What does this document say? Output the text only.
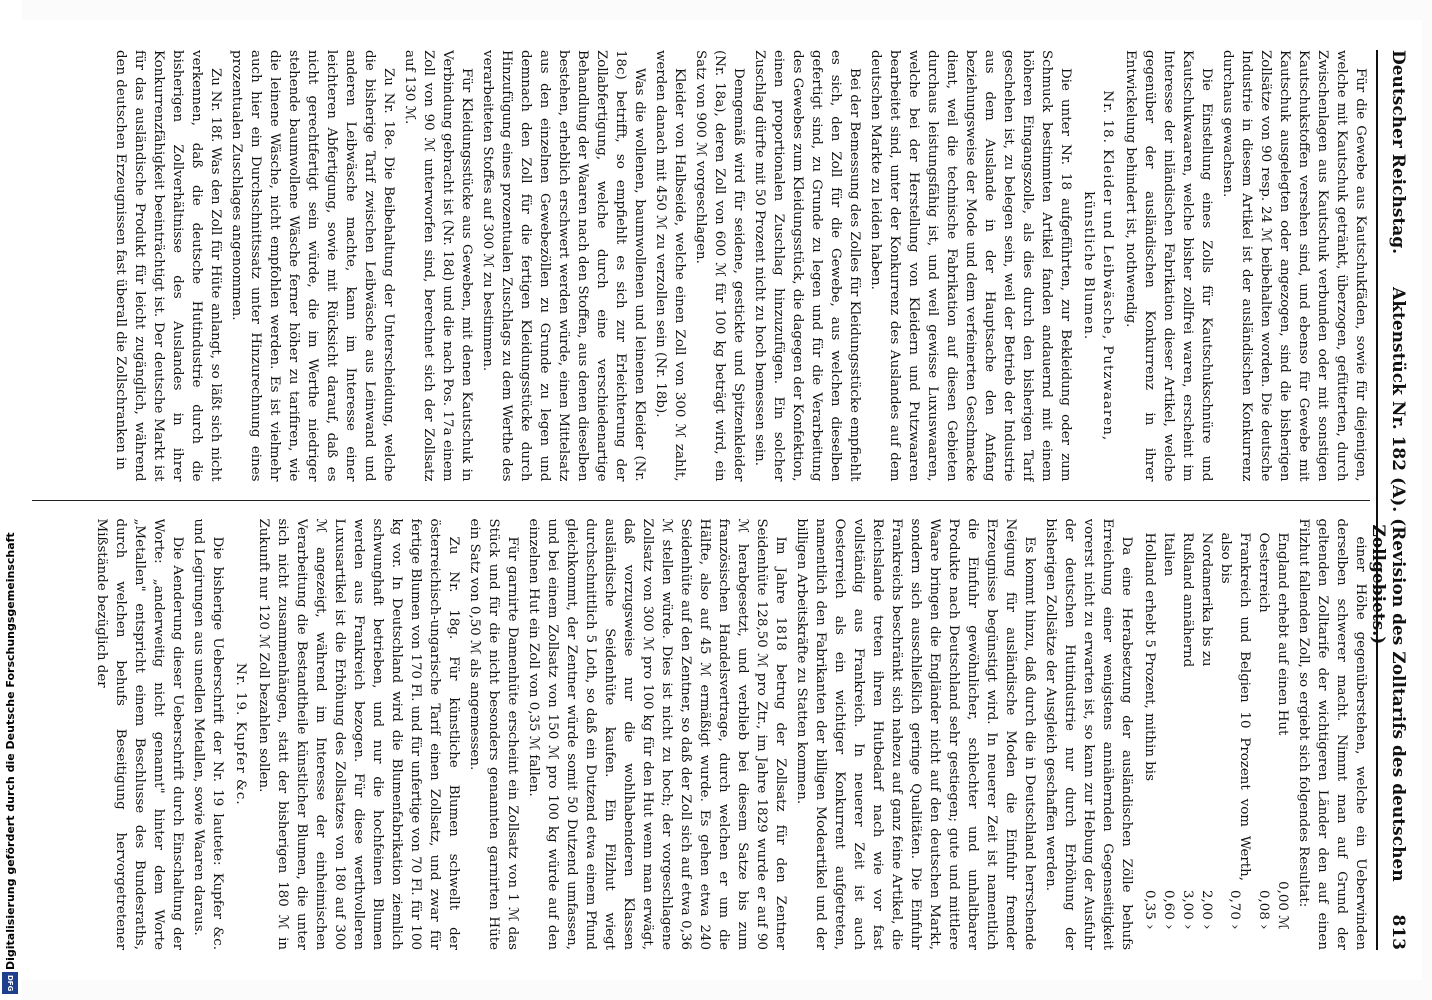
Deutscher Reichstag.
Aktenstück Nr. 182 (A). (Revision des Zolltarifs des deutschen Zollgebiets.)
813

Für die Gewebe aus Kautschukfäden, sowie für diejenigen, welche mit Kautschuk getränkt, überzogen, gefütterten, durch Zwischenlagen aus Kautschuk verbunden oder mit sonstigen Kautschukstoffen versehen sind, und ebenso für Gewebe mit Kautschuk ausgelegten oder angezogen, sind die bisherigen Zollsätze von 90 resp. 24 ℳ beibehalten worden. Die deutsche Industrie in diesem Artikel ist der ausländischen Konkurrenz durchaus gewachsen.

Die Einstellung eines Zolls für Kautschukschnüre und Kautschukwaaren, welche bisher zollfrei waren, erscheint im Interesse der inländischen Fabrikation dieser Artikel, welche gegenüber der ausländischen Konkurrenz in ihrer Entwickelung behindert ist, nothwendig.

Nr. 18. Kleider und Leibwäsche, Putzwaaren, künstliche Blumen.

Die unter Nr. 18 aufgeführten, zur Bekleidung oder zum Schmuck bestimmten Artikel fanden andauernd mit einem höheren Eingangszolle, als dies durch den bisherigen Tarif geschehen ist, zu belegen sein, weil der Betrieb der Industrie aus dem Auslande in der Hauptsache den Anfang beziehungsweise der Mode und dem verfeinerten Geschmacke dient, weil die technische Fabrikation auf diesen Gebieten durchaus leistungsfähig ist, und weil gewisse Luxuswaaren, welche bei der Herstellung von Kleidern und Putzwaaren bearbeitet sind, unter der Konkurrenz des Auslandes auf dem deutschen Markte zu leiden haben.

Bei der Bemessung des Zolles für Kleidungsstücke empfiehlt es sich, den Zoll für die Gewebe, aus welchen dieselben gefertigt sind, zu Grunde zu legen und für die Verarbeitung des Gewebes zum Kleidungsstück, die dagegen der Konfektion, einen proportionalen Zuschlag hinzuzufügen. Ein solcher Zuschlag dürfte mit 50 Prozent nicht zu hoch bemessen sein.

Demgemäß wird für seidene, gestickte und Spitzenkleider (Nr. 18a), deren Zoll von 600 ℳ für 100 kg beträgt wird, ein Satz von 900 ℳ vorgeschlagen.

Kleider von Halbseide, welche einen Zoll von 300 ℳ zahlt, werden danach mit 450 ℳ zu verzollen sein (Nr. 18b).

Was die wollenen, baumwollenen und leinenen Kleider (Nr. 18c) betrifft, so empfiehlt es sich zur Erleichterung der Zollabfertigung, welche durch eine verschiedenartige Behandlung der Waaren nach den Stoffen, aus denen dieselben bestehen, erheblich erschwert werden würde, einen Mittelsatz aus den einzelnen Gewebezöllen zu Grunde zu legen und demnach den Zoll für die fertigen Kleidungsstücke durch Hinzufügung eines prozentualen Zuschlags zu dem Werthe des verarbeiteten Stoffes auf 300 ℳ zu bestimmen.

Für Kleidungsstücke aus Geweben, mit denen Kautschuk in Verbindung gebracht ist (Nr. 18d) und die nach Pos. 17a einem Zoll von 90 ℳ unterworfen sind, berechnet sich der Zollsatz auf 130 ℳ.

Zu Nr. 18e. Die Beibehaltung der Unterscheidung, welche die bisherige Tarif zwischen Leibwäsche aus Leinwand und anderen Leibwäsche machte, kann im Interesse einer leichteren Abfertigung, sowie mit Rücksicht darauf, daß es nicht gerechtfertigt sein würde, die im Werthe niedriger stehende baumwollene Wäsche ferner höher zu tarifiren, wie die leinene Wäsche, nicht empfohlen werden. Es ist vielmehr auch hier ein Durchschnittssatz unter Hinzurechnung eines prozentualen Zuschlages angenommen.

Zu Nr. 18f. Was den Zoll für Hüte anlangt, so läßt sich nicht verkennen, daß die deutsche Hutindustrie durch die bisherigen Zollverhältnisse des Auslandes in ihrer Konkurrenzfähigkeit beeinträchtigt ist. Der deutsche Markt ist für das ausländische Produkt für leicht zugänglich, während den deutschen Erzeugnissen fast überall die Zollschranken in

einer Höhe gegenüberstehen, welche ein Ueberwinden derselben schwerer macht. Nimmt man auf Grund der geltenden Zolltarife der wichtigeren Länder den auf einen Filzhut fallenden Zoll, so ergiebt sich folgendes Resultat:

England erhebt auf einen Hut	0,00 ℳ
Oesterreich	0,08 ›
Frankreich und Belgien 10 Prozent vom Werth, also bis	0,70 ›
Nordamerika bis zu	2,00 ›
Rußland annähernd	3,00 ›
Italien	0,60 ›
Holland erhebt 5 Prozent, mithin bis	0,35 ›

Da eine Herabsetzung der ausländischen Zölle behufs Erreichung einer wenigstens annähernden Gegenseitigkeit vorerst nicht zu erwarten ist, so kann zur Hebung der Ausfuhr der deutschen Hutindustrie nur durch Erhöhung der bisherigen Zollsätze der Ausgleich geschaffen werden.

Es kommt hinzu, daß durch die in Deutschland herrschende Neigung für ausländische Moden die Einfuhr fremder Erzeugnisse begünstigt wird. In neuerer Zeit ist namentlich die Einfuhr gewöhnlicher, schlechter und unhaltbarer Produkte nach Deutschland sehr gestiegen; gute und mittlere Waare bringen die Engländer nicht auf den deutschen Markt, sondern sich ausschließlich geringe Qualitäten. Die Einfuhr Frankreichs beschränkt sich nahezu auf ganz feine Artikel, die Reichslande treten ihren Hutbedarf nach wie vor fast vollständig aus Frankreich. In neuerer Zeit ist auch Oesterreich als ein wichtiger Konkurrent aufgetreten, namentlich den Fabrikanten der billigen Modeartikel und der billigen Arbeitskräfte zu Statten kommen.

Im Jahre 1818 betrug der Zollsatz für den Zentner Seidenhüte 128,50 ℳ pro Ztr., im Jahre 1829 wurde er auf 90 ℳ herabgesetzt, und verblieb bei diesem Satze bis zum französischen Handelsvertrage, durch welchen er um die Hälfte, also auf 45 ℳ ermäßigt wurde. Es gehen etwa 240 Seidenhüte auf den Zentner, so daß der Zoll sich auf etwa 0,36 ℳ stellen würde. Dies ist nicht zu hoch; der vorgeschlagene Zollsatz von 300 ℳ pro 100 kg für den Hut wenn man erwägt, daß vorzugsweise nur die wohlhabenderen Klassen ausländische Seidenhüte kaufen. Ein Filzhut wiegt durchschnittlich 5 Loth, so daß ein Dutzend etwa einem Pfund gleichkommt, der Zentner würde somit 50 Dutzend umfassen, und bei einem Zollsatz von 150 ℳ pro 100 kg würde auf den einzelnen Hut ein Zoll von 0,35 ℳ fallen.

Für garnirte Damenhüte erscheint ein Zollsatz von 1 ℳ das Stück und für die nicht besonders genannten garnirten Hüte ein Satz von 0,50 ℳ als angemessen.

Zu Nr. 18g. Für künstliche Blumen schwellt der österreichisch-ungarische Tarif einen Zollsatz, und zwar für fertige Blumen von 170 Fl. und für unfertige von 70 Fl. für 100 kg vor. In Deutschland wird die Blumenfabrikation ziemlich schwunghaft betrieben, und nur die hochfeinen Blumen werden aus Frankreich bezogen. Für diese werthvolleren Luxusartikel ist die Erhöhung des Zollsatzes von 180 auf 300 ℳ angezeigt, während im Interesse der einheimischen Verarbeitung die Bestandtheile künstlicher Blumen, die unter sich nicht zusammenhängen, statt der bisherigen 180 ℳ in Zukunft nur 120 ℳ Zoll bezahlen sollen.

Nr. 19. Kupfer &c.

Die bisherige Ueberschrift der Nr. 19 lautete: Kupfer &c. und Legirungen aus unedlen Metallen, sowie Waaren daraus.

Die Aenderung dieser Ueberschrift durch Einschaltung der Worte: „anderweitig nicht genannt" hinter dem Worte „Metallen" entspricht einem Beschlusse des Bundesraths, durch welchen behufs Beseitigung hervorgetretener Mißstände bezüglich der

Digitalisierung gefördert durch die Deutsche Forschungsgemeinschaft
DFG
